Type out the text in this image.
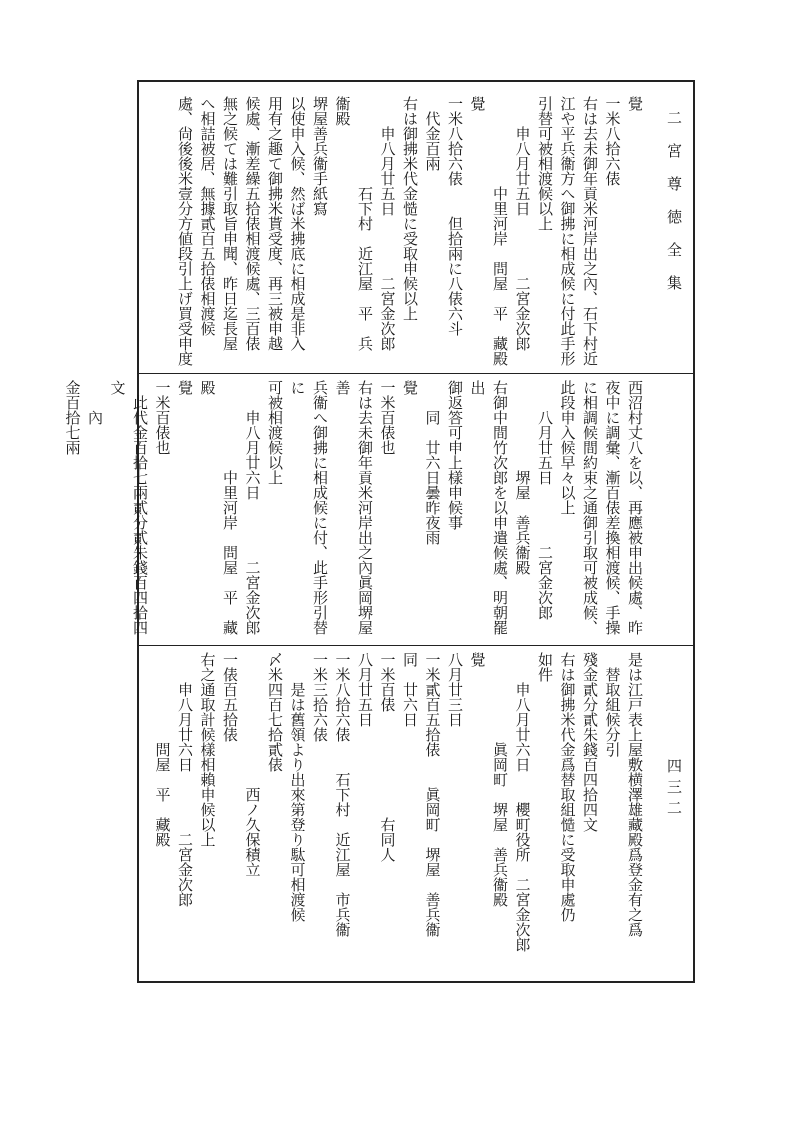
二宮尊徳全集
四三二
覺
一米八拾六俵
右は去未御年貢米河岸出之內、石下村近
江や平兵衞方へ御拂に相成候に付此手形
引替可被相渡候以上
　　申八月廿五日　　　　二宮金次郎
　　　　　　中里河岸　問屋　平　藏殿
覺
一米八拾六俵　　但拾兩に八俵六斗
　代金百兩
右は御拂米代金慥に受取申候以上
　　申八月廿五日　　　　二宮金次郎
　　　　　　石下村　近江屋　平　兵　衞殿
堺屋善兵衞手紙寫
以使申入候、然ば米拂底に相成是非入
用有之趣て御拂米貰受度、再三被申越
候處、漸差繰五拾俵相渡候處、三百俵
無之候ては難引取旨申聞、昨日迄長屋
へ相詰被居、無據貳百五拾俵相渡候
處、尙後後米壹分方値段引上げ買受申度
西沼村丈八を以、再應被申出候處、昨
夜中に調彙、漸百俵差換相渡候、手操
に相調候間約束之通御引取可被成候、
此段申入候早々以上
　　八月廿五日　　　　二宮金次郎
　　　　　　堺屋　善兵衞殿
右御中間竹次郎を以申遣候處、明朝罷出
御返答可申上樣申候事
　　同　廿六日曇昨夜雨
覺
一米百俵也
右は去未御年貢米河岸出之內眞岡堺屋善
兵衞へ御拂に相成候に付、此手形引替に
可被相渡候以上
　　申八月廿六日　　　　二宮金次郎
　　　　　　中里河岸　問屋　平　藏殿
覺
一米百俵也
　此代金百拾七兩貳分貳朱錢百四拾四文
　　內
金百拾七兩
是は江戸表上屋敷横澤雄藏殿爲登金有之爲
　替取組候分引
殘金貳分貳朱錢百四拾四文
右は御拂米代金爲替取組慥に受取申處仍
如件
　　申八月廿六日　　櫻町役所　二宮金次郎
　　　　　　眞岡町　堺屋　善兵衞殿
覺
八月廿三日
一米貳百五拾俵　　眞岡町　堺屋　善兵衞
同　廿六日
一米百俵　　　　　　　右同人
八月廿五日
一米八拾六俵　　石下村　近江屋　市兵衞
一米三拾六俵
　　是は舊領より出來第登り駄可相渡候
〆米四百七拾貳俵
　　　　　　　　　西ノ久保積立
一俵百五拾俵
右之通取計候樣相賴申候以上
　　申八月廿六日　　　　二宮金次郎
　　　　　　問屋　平　藏殿
